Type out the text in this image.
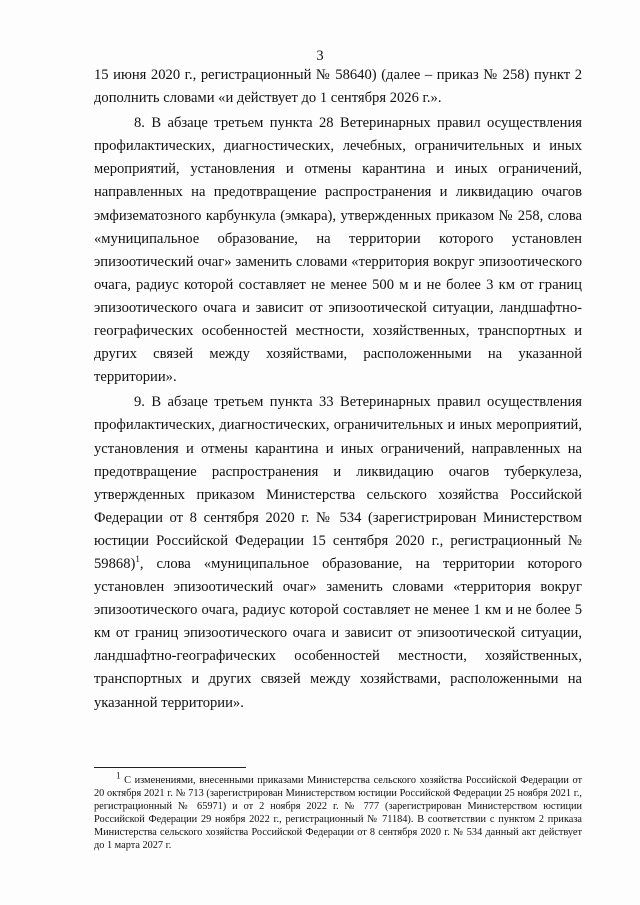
3

15 июня 2020 г., регистрационный № 58640) (далее – приказ № 258) пункт 2 дополнить словами «и действует до 1 сентября 2026 г.».

8. В абзаце третьем пункта 28 Ветеринарных правил осуществления профилактических, диагностических, лечебных, ограничительных и иных мероприятий, установления и отмены карантина и иных ограничений, направленных на предотвращение распространения и ликвидацию очагов эмфизематозного карбункула (эмкара), утвержденных приказом № 258, слова «муниципальное образование, на территории которого установлен эпизоотический очаг» заменить словами «территория вокруг эпизоотического очага, радиус которой составляет не менее 500 м и не более 3 км от границ эпизоотического очага и зависит от эпизоотической ситуации, ландшафтно-географических особенностей местности, хозяйственных, транспортных и других связей между хозяйствами, расположенными на указанной территории».

9. В абзаце третьем пункта 33 Ветеринарных правил осуществления профилактических, диагностических, ограничительных и иных мероприятий, установления и отмены карантина и иных ограничений, направленных на предотвращение распространения и ликвидацию очагов туберкулеза, утвержденных приказом Министерства сельского хозяйства Российской Федерации от 8 сентября 2020 г. № 534 (зарегистрирован Министерством юстиции Российской Федерации 15 сентября 2020 г., регистрационный № 59868)$^1$, слова «муниципальное образование, на территории которого установлен эпизоотический очаг» заменить словами «территория вокруг эпизоотического очага, радиус которой составляет не менее 1 км и не более 5 км от границ эпизоотического очага и зависит от эпизоотической ситуации, ландшафтно-географических особенностей местности, хозяйственных, транспортных и других связей между хозяйствами, расположенными на указанной территории».

$^1$ С изменениями, внесенными приказами Министерства сельского хозяйства Российской Федерации от 20 октября 2021 г. № 713 (зарегистрирован Министерством юстиции Российской Федерации 25 ноября 2021 г., регистрационный № 65971) и от 2 ноября 2022 г. № 777 (зарегистрирован Министерством юстиции Российской Федерации 29 ноября 2022 г., регистрационный № 71184). В соответствии с пунктом 2 приказа Министерства сельского хозяйства Российской Федерации от 8 сентября 2020 г. № 534 данный акт действует до 1 марта 2027 г.
